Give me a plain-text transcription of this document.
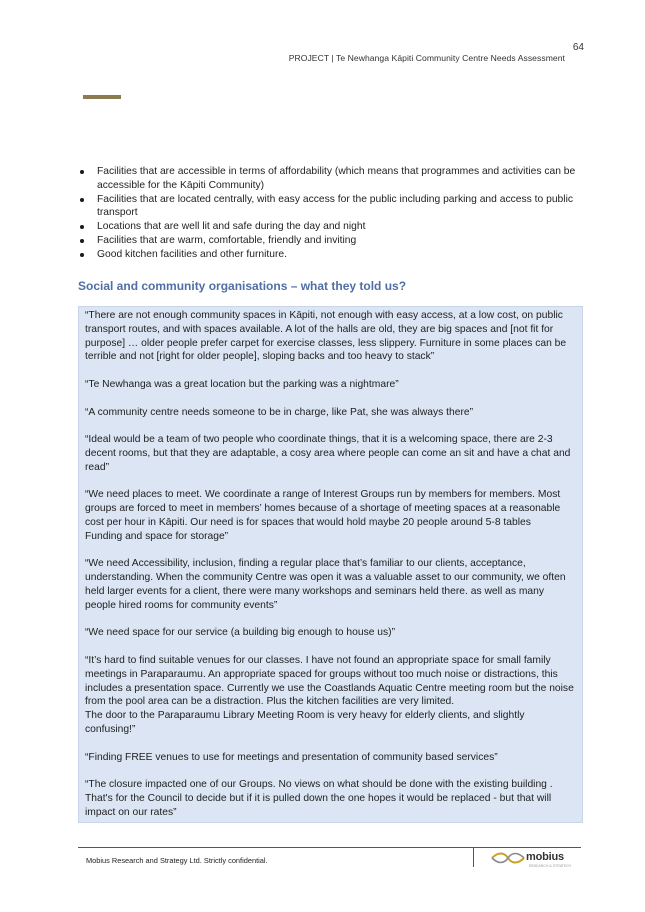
64
PROJECT | Te Newhanga Kāpiti Community Centre Needs Assessment
Facilities that are accessible in terms of affordability (which means that programmes and activities can be accessible for the Kāpiti Community)
Facilities that are located centrally, with easy access for the public including parking and access to public transport
Locations that are well lit and safe during the day and night
Facilities that are warm, comfortable, friendly and inviting
Good kitchen facilities and other furniture.
Social and community organisations – what they told us?

“There are not enough community spaces in Kāpiti, not enough with easy access, at a low cost, on public transport routes, and with spaces available. A lot of the halls are old, they are big spaces and [not fit for purpose] … older people prefer carpet for exercise classes, less slippery. Furniture in some places can be terrible and not [right for older people], sloping backs and too heavy to stack”

“Te Newhanga was a great location but the parking was a nightmare”

“A community centre needs someone to be in charge, like Pat, she was always there”

“Ideal would be a team of two people who coordinate things, that it is a welcoming space, there are 2-3 decent rooms, but that they are adaptable, a cosy area where people can come an sit and have a chat and read”

“We need places to meet. We coordinate a range of Interest Groups run by members for members. Most groups are forced to meet in members’ homes because of a shortage of meeting spaces at a reasonable cost per hour in Kāpiti. Our need is for spaces that would hold maybe 20 people around 5-8 tables
Funding and space for storage”

“We need Accessibility, inclusion, finding a regular place that’s familiar to our clients, acceptance, understanding. When the community Centre was open it was a valuable asset to our community, we often held larger events for a client, there were many workshops and seminars held there. as well as many people hired rooms for community events”

“We need space for our service (a building big enough to house us)”

“It’s hard to find suitable venues for our classes. I have not found an appropriate space for small family meetings in Paraparaumu. An appropriate spaced for groups without too much noise or distractions, this includes a presentation space. Currently we use the Coastlands Aquatic Centre meeting room but the noise from the pool area can be a distraction. Plus the kitchen facilities are very limited.
The door to the Paraparaumu Library Meeting Room is very heavy for elderly clients, and slightly confusing!”

“Finding FREE venues to use for meetings and presentation of community based services”

“The closure impacted one of our Groups. No views on what should be done with the existing building . That's for the Council to decide but if it is pulled down the one hopes it would be replaced - but that will impact on our rates”

Mobius Research and Strategy Ltd. Strictly confidential.	mobius
RESEARCH & STRATEGY
